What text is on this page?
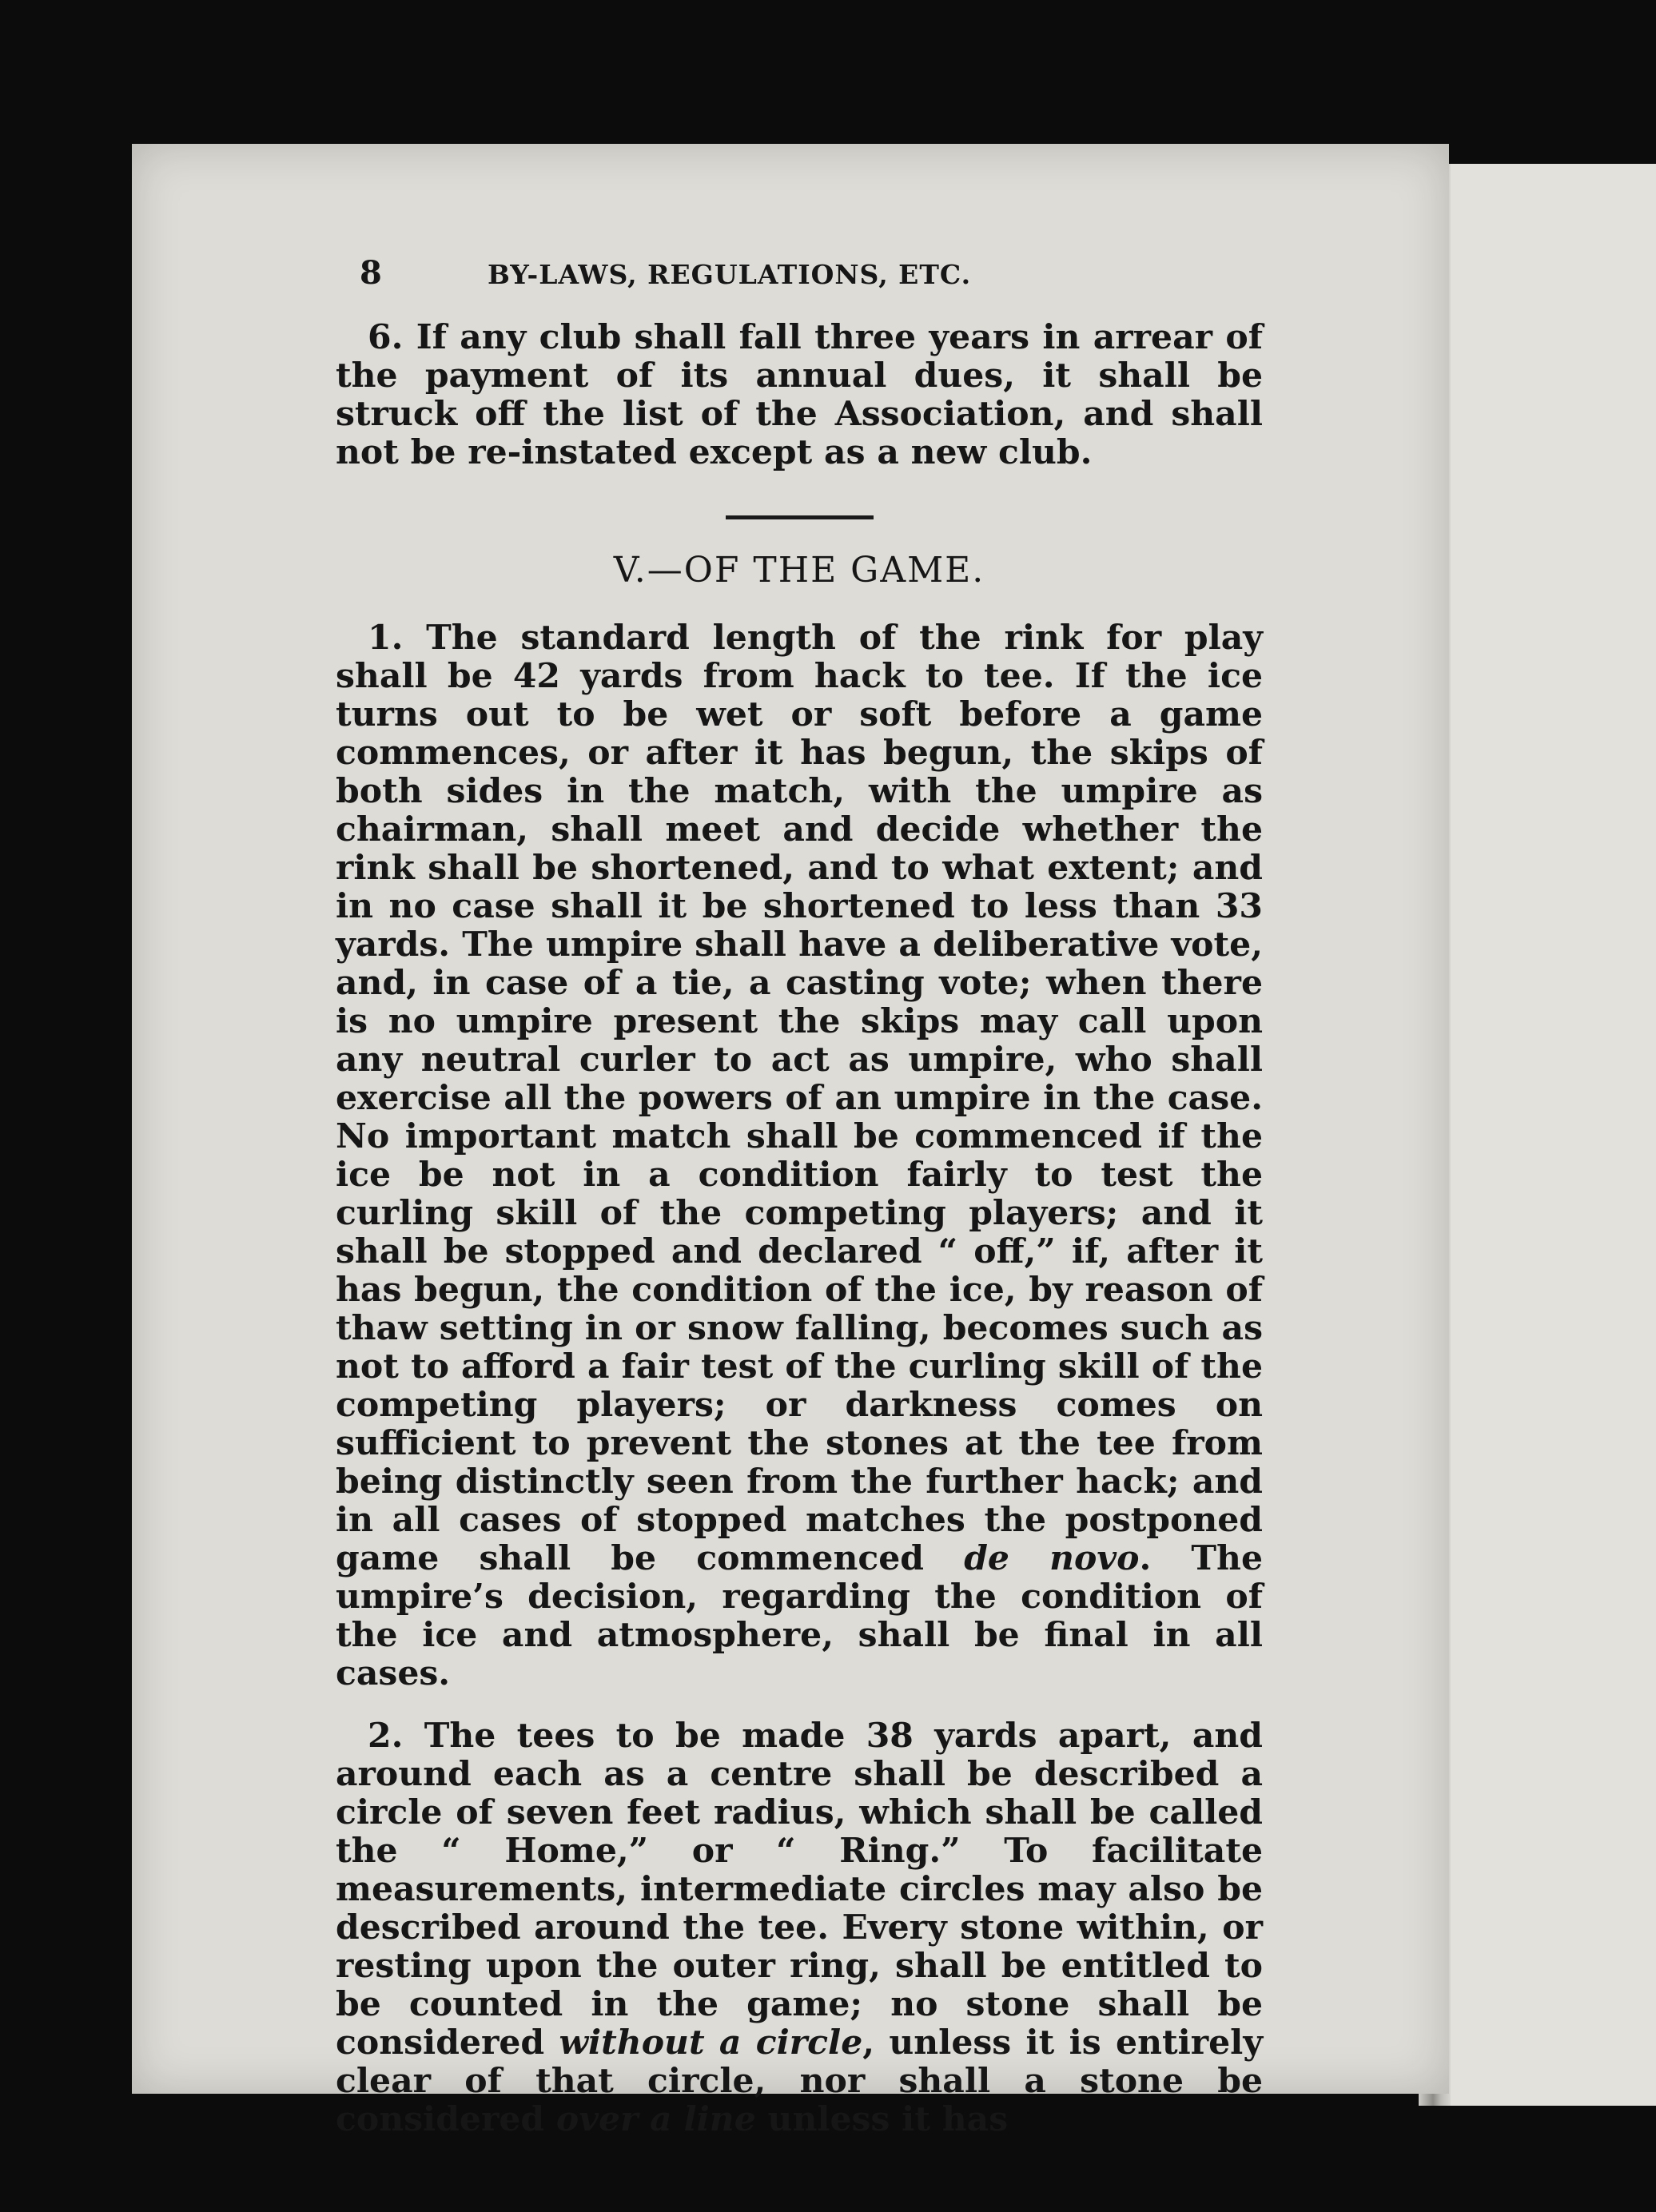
8	BY-LAWS, REGULATIONS, ETC.

6. If any club shall fall three years in arrear of the payment of its annual dues, it shall be struck off the list of the Association, and shall not be re-instated except as a new club.

V.—OF THE GAME.

1. The standard length of the rink for play shall be 42 yards from hack to tee. If the ice turns out to be wet or soft before a game commences, or after it has begun, the skips of both sides in the match, with the umpire as chairman, shall meet and decide whether the rink shall be shortened, and to what extent; and in no case shall it be shortened to less than 33 yards. The umpire shall have a deliberative vote, and, in case of a tie, a casting vote; when there is no umpire present the skips may call upon any neutral curler to act as umpire, who shall exercise all the powers of an umpire in the case. No important match shall be commenced if the ice be not in a condition fairly to test the curling skill of the competing players; and it shall be stopped and declared “ off,” if, after it has begun, the condition of the ice, by reason of thaw setting in or snow falling, becomes such as not to afford a fair test of the curling skill of the competing players; or darkness comes on sufficient to prevent the stones at the tee from being distinctly seen from the further hack; and in all cases of stopped matches the postponed game shall be commenced de novo. The umpire’s decision, regarding the condition of the ice and atmosphere, shall be final in all cases.

2. The tees to be made 38 yards apart, and around each as a centre shall be described a circle of seven feet radius, which shall be called the “ Home,” or “ Ring.” To facilitate measurements, intermediate circles may also be described around the tee. Every stone within, or resting upon the outer ring, shall be entitled to be counted in the game; no stone shall be considered without a circle, unless it is entirely clear of that circle, nor shall a stone be considered over a line unless it has
